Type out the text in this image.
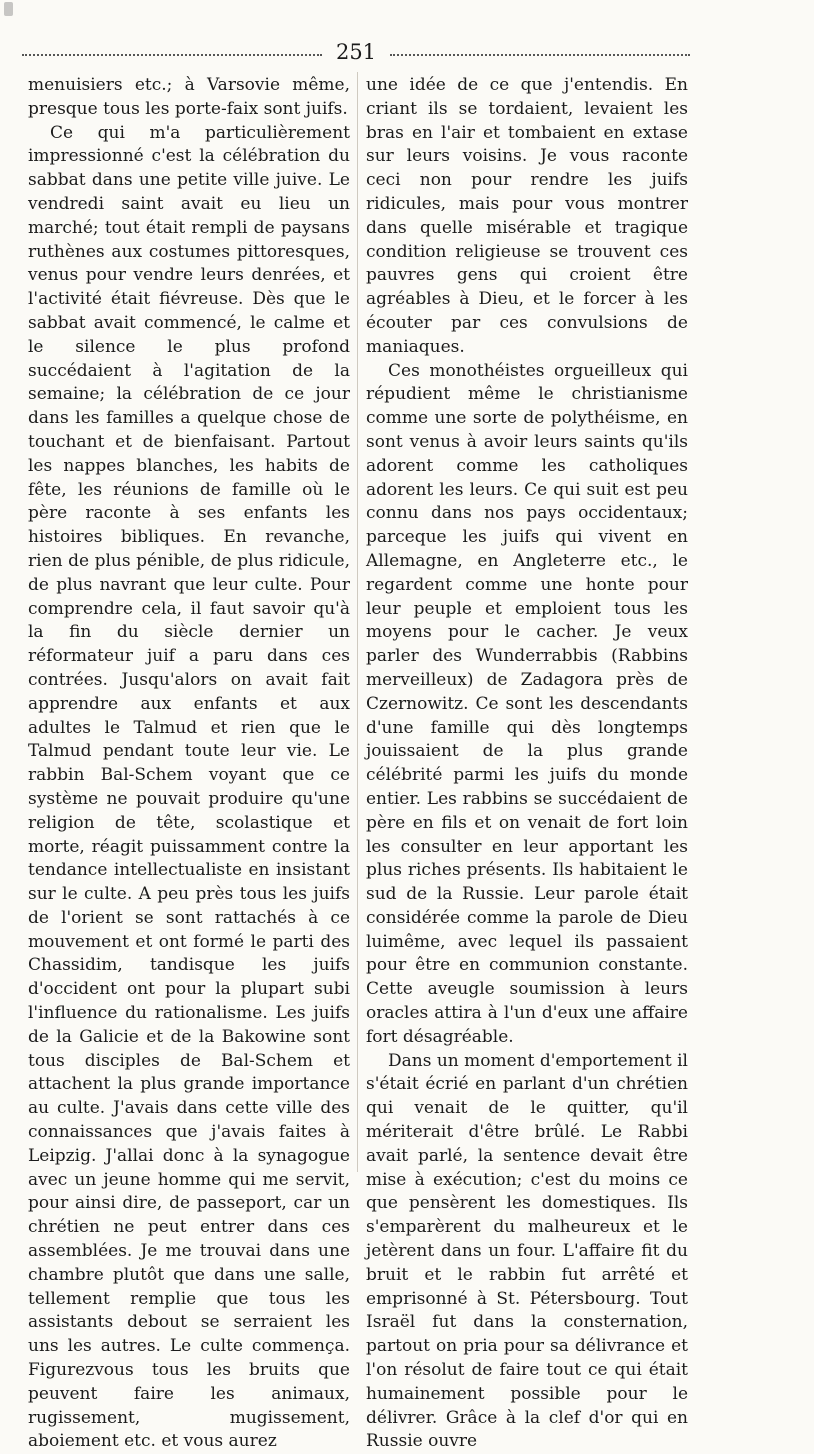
251

menuisiers etc.; à Varsovie même, presque tous les porte-faix sont juifs.

Ce qui m'a particulièrement impressionné c'est la célébration du sabbat dans une petite ville juive. Le vendredi saint avait eu lieu un marché; tout était rempli de paysans ruthènes aux costumes pittoresques, venus pour vendre leurs denrées, et l'activité était fiévreuse. Dès que le sabbat avait commencé, le calme et le silence le plus profond succédaient à l'agitation de la semaine; la célébration de ce jour dans les familles a quelque chose de touchant et de bienfaisant. Partout les nappes blanches, les habits de fête, les réunions de famille où le père raconte à ses enfants les histoires bibliques. En revanche, rien de plus pénible, de plus ridicule, de plus navrant que leur culte. Pour comprendre cela, il faut savoir qu'à la fin du siècle dernier un réformateur juif a paru dans ces contrées. Jusqu'alors on avait fait apprendre aux enfants et aux adultes le Talmud et rien que le Talmud pendant toute leur vie. Le rabbin Bal-Schem voyant que ce système ne pouvait produire qu'une religion de tête, scolastique et morte, réagit puissamment contre la tendance intellectualiste en insistant sur le culte. A peu près tous les juifs de l'orient se sont rattachés à ce mouvement et ont formé le parti des Chassidim, tandisque les juifs d'occident ont pour la plupart subi l'influence du rationalisme. Les juifs de la Galicie et de la Bakowine sont tous disciples de Bal-Schem et attachent la plus grande importance au culte. J'avais dans cette ville des connaissances que j'avais faites à Leipzig. J'allai donc à la synagogue avec un jeune homme qui me servit, pour ainsi dire, de passeport, car un chrétien ne peut entrer dans ces assemblées. Je me trouvai dans une chambre plutôt que dans une salle, tellement remplie que tous les assistants debout se serraient les uns les autres. Le culte commença. Figurezvous tous les bruits que peuvent faire les animaux, rugissement, mugissement, aboiement etc. et vous aurez

une idée de ce que j'entendis. En criant ils se tordaient, levaient les bras en l'air et tombaient en extase sur leurs voisins. Je vous raconte ceci non pour rendre les juifs ridicules, mais pour vous montrer dans quelle misérable et tragique condition religieuse se trouvent ces pauvres gens qui croient être agréables à Dieu, et le forcer à les écouter par ces convulsions de maniaques.

Ces monothéistes orgueilleux qui répudient même le christianisme comme une sorte de polythéisme, en sont venus à avoir leurs saints qu'ils adorent comme les catholiques adorent les leurs. Ce qui suit est peu connu dans nos pays occidentaux; parceque les juifs qui vivent en Allemagne, en Angleterre etc., le regardent comme une honte pour leur peuple et emploient tous les moyens pour le cacher. Je veux parler des Wunderrabbis (Rabbins merveilleux) de Zadagora près de Czernowitz. Ce sont les descendants d'une famille qui dès longtemps jouissaient de la plus grande célébrité parmi les juifs du monde entier. Les rabbins se succédaient de père en fils et on venait de fort loin les consulter en leur apportant les plus riches présents. Ils habitaient le sud de la Russie. Leur parole était considérée comme la parole de Dieu luimême, avec lequel ils passaient pour être en communion constante. Cette aveugle soumission à leurs oracles attira à l'un d'eux une affaire fort désagréable.

Dans un moment d'emportement il s'était écrié en parlant d'un chrétien qui venait de le quitter, qu'il mériterait d'être brûlé. Le Rabbi avait parlé, la sentence devait être mise à exécution; c'est du moins ce que pensèrent les domestiques. Ils s'emparèrent du malheureux et le jetèrent dans un four. L'affaire fit du bruit et le rabbin fut arrêté et emprisonné à St. Pétersbourg. Tout Israël fut dans la consternation, partout on pria pour sa délivrance et l'on résolut de faire tout ce qui était humainement possible pour le délivrer. Grâce à la clef d'or qui en Russie ouvre
